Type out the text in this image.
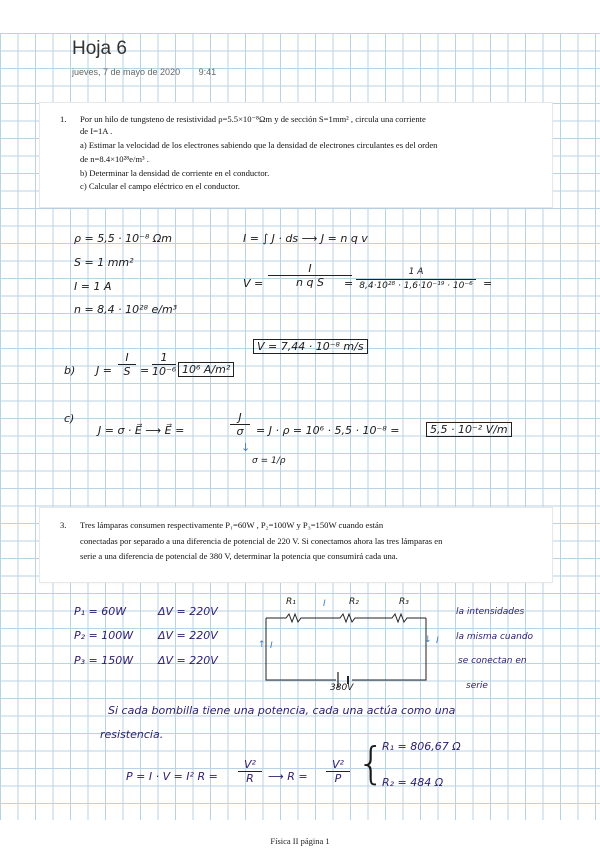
Hoja 6
jueves, 7 de mayo de 2020 9:41
1. Por un hilo de tungsteno de resistividad ρ=5.5×10⁻⁸Ωm y de sección S=1mm² , circula una corriente
de I=1A .
a) Estimar la velocidad de los electrones sabiendo que la densidad de electrones circulantes es del orden
de n=8.4×10²⁸e/m³ .
b) Determinar la densidad de corriente en el conductor.
c) Calcular el campo eléctrico en el conductor.
ρ = 5,5 · 10⁻⁸ Ωm
S = 1 mm²
I = 1 A
n = 8,4 · 10²⁸ e/m³
I = ∫ J · ds ⟶ J = n q v
$V = \frac{I}{\text{n q S}}$
= $\frac{1 A}{\text{8,4·10²⁸ · 1,6·10⁻¹⁹ · 10⁻⁶}}$ =
V = 7,44 · 10⁻⁸ m/s
b) $J = \frac{I}{S} = \frac{1}{\text{10⁻⁶}} 10^6$ A/m²
c)
J = σ · E⃗ ⟶ E⃗ =	$\frac{J}{\sigma} = J \cdot \rho = 10^6 \cdot 5,5 \cdot 10^{-8}$ =	5,5 · 10⁻² V/m
↓
σ = 1/ρ
3. Tres lámparas consumen respectivamente P₁=60W , P₂=100W y P₃=150W cuando están
conectadas por separado a una diferencia de potencial de 220 V. Si conectamos ahora las tres lámparas en
serie a una diferencia de potencial de 380 V, determinar la potencia que consumirá cada una.
P₁ = 60W	ΔV = 220V
P₂ = 100W ΔV = 220V
P₃ = 150W ΔV = 220V
R₁	R₂	R₃
I
I
↑	↓ I
380V
la intensidades
la misma cuando
se conectan en
serie
Si cada bombilla tiene una potencia, cada una actúa como una
resistencia.
P = I · V = I² $R = \frac{\text{V²}}{R}$ ⟶ $R = \frac{\text{V²}}{P}$ {
R₁ = 806,67 Ω
R₂ = 484 Ω
Física II página 1
